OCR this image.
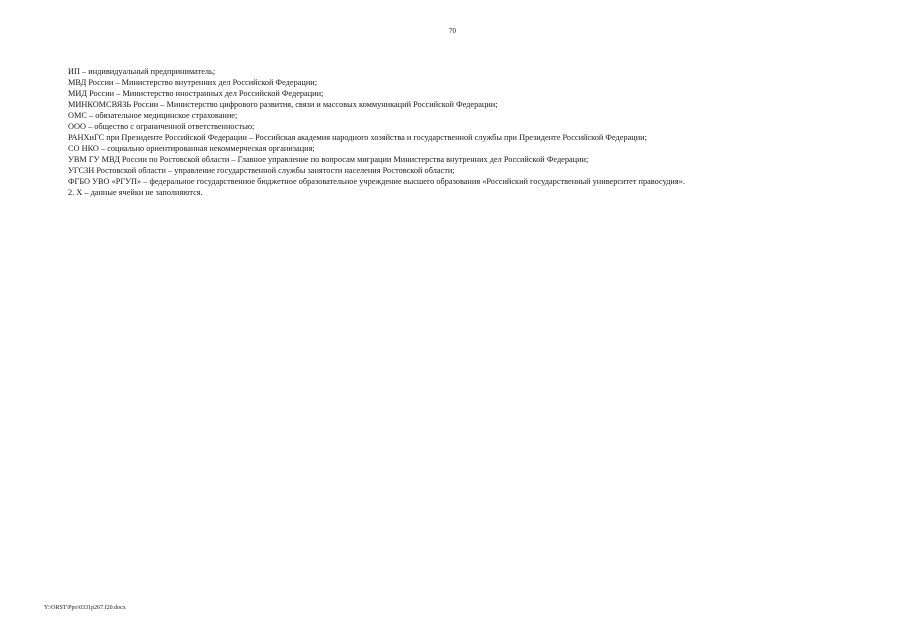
70

ИП – индивидуальный предприниматель;

МВД России – Министерство внутренних дел Российской Федерации;

МИД России – Министерство иностранных дел Российской Федерации;

МИНКОМСВЯЗЬ России – Министерство цифрового развития, связи и массовых коммуникаций Российской Федерации;

ОМС – обязательное медицинское страхование;

ООО – общество с ограниченной ответственностью;

РАНХиГС при Президенте Российской Федерации – Российская академия народного хозяйства и государственной службы при Президенте Российской Федерации;

СО НКО – социально ориентированная некоммерческая организация;

УВМ ГУ МВД России по Ростовской области – Главное управление по вопросам миграции Министерства внутренних дел Российской Федерации;

УГСЗН Ростовской области – управление государственной службы занятости населения Ростовской области;

ФГБО УВО «РГУП» – федеральное государственное бюджетное образовательное учреждение высшего образования «Российский государственный университет правосудия».

2. Х – данные ячейки не заполняются.

Y:\ORST\Ppo\0331p267.f20.docx
